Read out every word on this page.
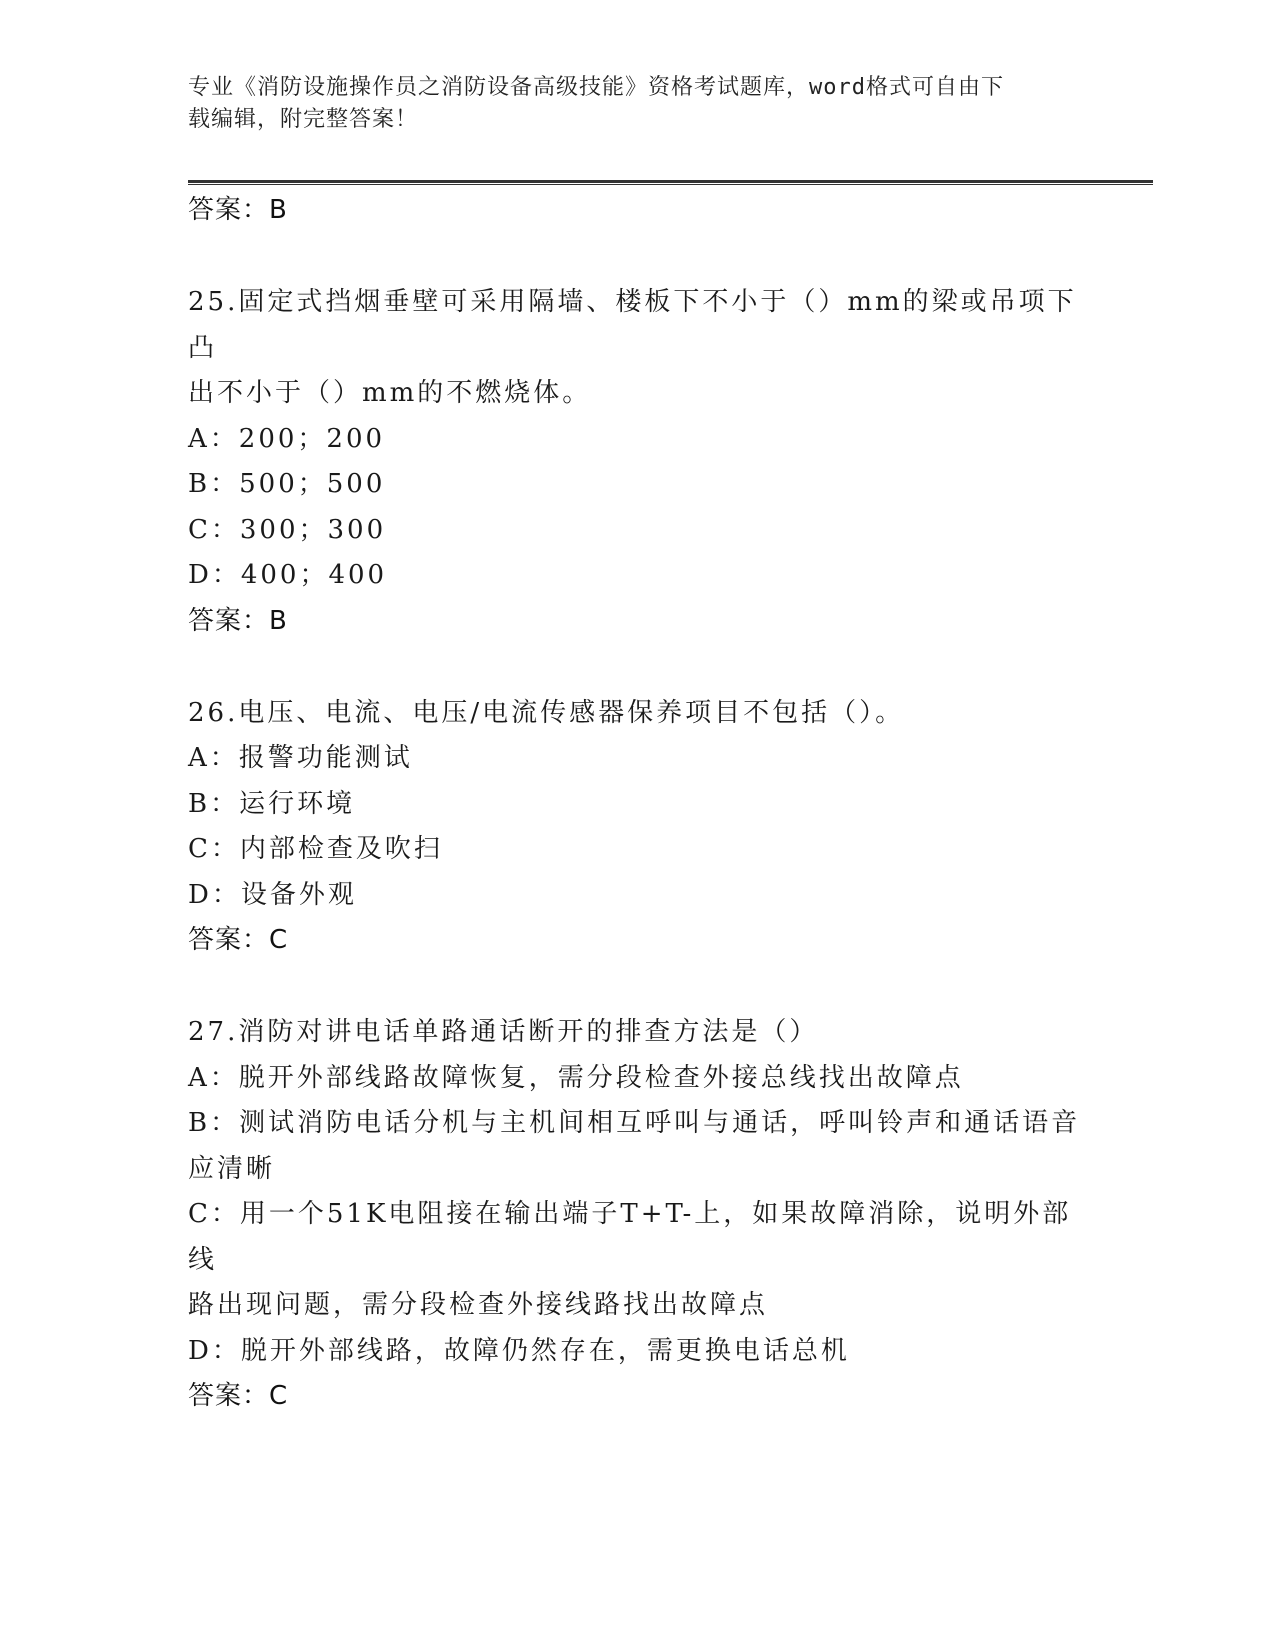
专业《消防设施操作员之消防设备高级技能》资格考试题库，word格式可自由下
载编辑，附完整答案！
答案：B
25.固定式挡烟垂壁可采用隔墙、楼板下不小于（）mm的梁或吊项下凸
出不小于（）mm的不燃烧体。
A：200；200
B：500；500
C：300；300
D：400；400
答案：B
26.电压、电流、电压/电流传感器保养项目不包括（）。
A：报警功能测试
B：运行环境
C：内部检查及吹扫
D：设备外观
答案：C
27.消防对讲电话单路通话断开的排查方法是（）
A：脱开外部线路故障恢复，需分段检查外接总线找出故障点
B：测试消防电话分机与主机间相互呼叫与通话，呼叫铃声和通话语音
应清晰
C：用一个51K电阻接在输出端子T+T-上，如果故障消除，说明外部线
路出现问题，需分段检查外接线路找出故障点
D：脱开外部线路，故障仍然存在，需更换电话总机
答案：C
